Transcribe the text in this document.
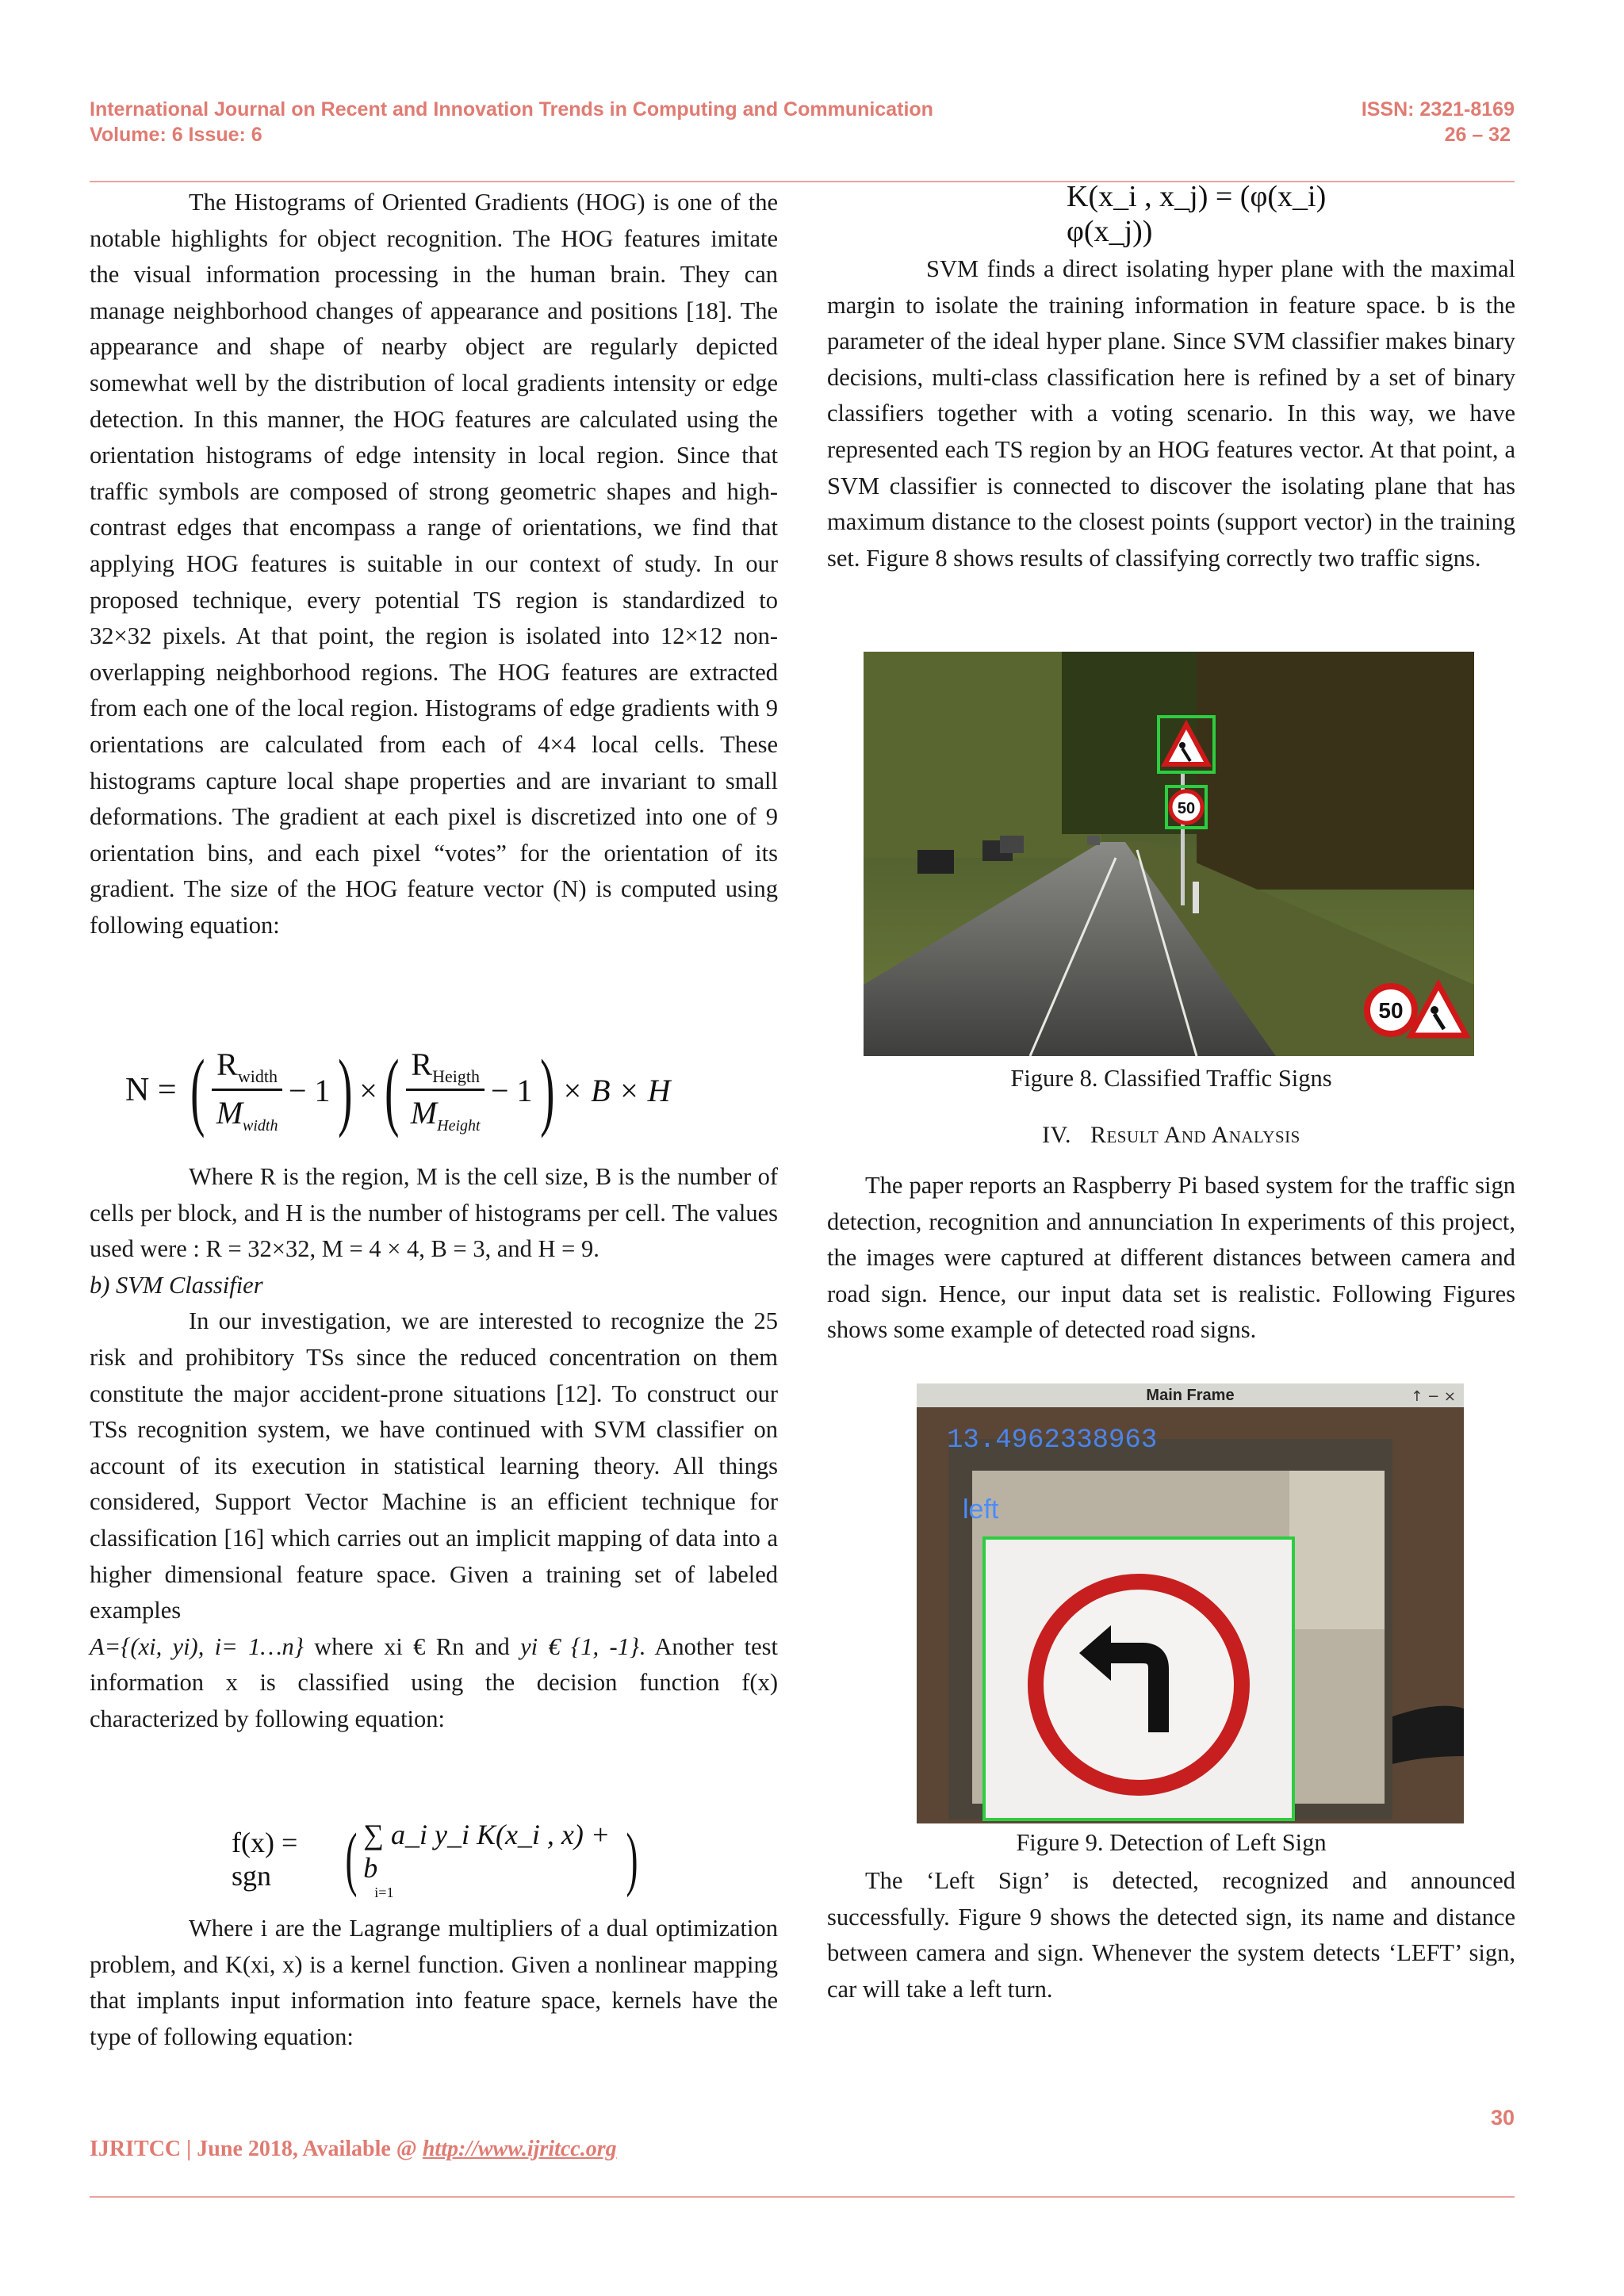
International Journal on Recent and Innovation Trends in Computing and Communication
Volume: 6 Issue: 6
ISSN: 2321-8169
26 – 32

The Histograms of Oriented Gradients (HOG) is one of the notable highlights for object recognition. The HOG features imitate the visual information processing in the human brain. They can manage neighborhood changes of appearance and positions [18]. The appearance and shape of nearby object are regularly depicted somewhat well by the distribution of local gradients intensity or edge detection. In this manner, the HOG features are calculated using the orientation histograms of edge intensity in local region. Since that traffic symbols are composed of strong geometric shapes and high-contrast edges that encompass a range of orientations, we find that applying HOG features is suitable in our context of study. In our proposed technique, every potential TS region is standardized to 32×32 pixels. At that point, the region is isolated into 12×12 non-overlapping neighborhood regions. The HOG features are extracted from each one of the local region. Histograms of edge gradients with 9 orientations are calculated from each of 4×4 local cells. These histograms capture local shape properties and are invariant to small deformations. The gradient at each pixel is discretized into one of 9 orientation bins, and each pixel “votes” for the orientation of its gradient. The size of the HOG feature vector (N) is computed using following equation:

N = ( $\frac{R_{width}}{M_{width}} - 1$ ) × ( $\frac{R_{Heigth}}{M_{Height}} - 1$ ) × B × H

Where R is the region, M is the cell size, B is the number of cells per block, and H is the number of histograms per cell. The values used were : R = 32×32, M = 4 × 4, B = 3, and H = 9.

b) SVM Classifier

In our investigation, we are interested to recognize the 25 risk and prohibitory TSs since the reduced concentration on them constitute the major accident-prone situations [12]. To construct our TSs recognition system, we have continued with SVM classifier on account of its execution in statistical learning theory. All things considered, Support Vector Machine is an efficient technique for classification [16] which carries out an implicit mapping of data into a higher dimensional feature space. Given a training set of labeled examples

A={(xi, yi), i= 1…n} where xi € Rn and yi € {1, -1}. Another test information x is classified using the decision function f(x) characterized by following equation:

f(x) = sgn	( ∑ a_i y_i K(x_i , x) + b
i=1	)

Where i are the Lagrange multipliers of a dual optimization problem, and K(xi, x) is a kernel function. Given a nonlinear mapping that implants input information into feature space, kernels have the type of following equation:

K(x_i , x_j) = (φ(x_i) φ(x_j))

SVM finds a direct isolating hyper plane with the maximal margin to isolate the training information in feature space. b is the parameter of the ideal hyper plane. Since SVM classifier makes binary decisions, multi-class classification here is refined by a set of binary classifiers together with a voting scenario. In this way, we have represented each TS region by an HOG features vector. At that point, a SVM classifier is connected to discover the isolating plane that has maximum distance to the closest points (support vector) in the training set. Figure 8 shows results of classifying correctly two traffic signs.

50
50
Figure 8. Classified Traffic Signs
IV. Result And Analysis

The paper reports an Raspberry Pi based system for the traffic sign detection, recognition and annunciation In experiments of this project, the images were captured at different distances between camera and road sign. Hence, our input data set is realistic. Following Figures shows some example of detected road signs.

Main Frame	↑ − ×
13.4962338963
left
Figure 9. Detection of Left Sign

The ‘Left Sign’ is detected, recognized and announced successfully. Figure 9 shows the detected sign, its name and distance between camera and sign. Whenever the system detects ‘LEFT’ sign, car will take a left turn.

30
IJRITCC | June 2018, Available @ http://www.ijritcc.org
